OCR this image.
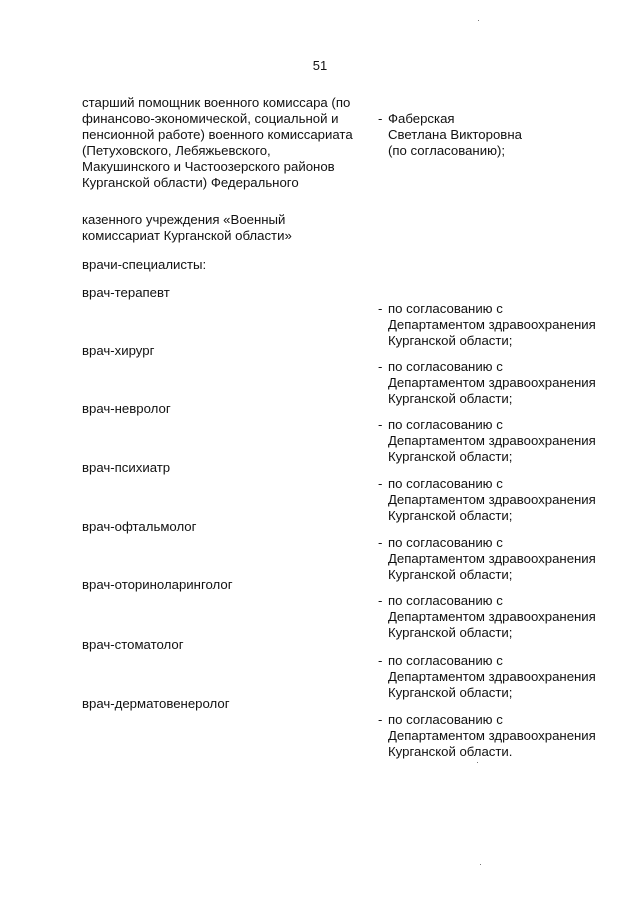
51
старший помощник военного комиссара (по
финансово-экономической, социальной и
пенсионной работе) военного комиссариата
(Петуховского, Лебяжьевского,
Макушинского и Частоозерского районов
Курганской области) Федерального

- Фаберская
Светлана Викторовна
(по согласованию);

казенного учреждения «Военный
комиссариат Курганской области»
врачи-специалисты:
врач-терапевт

- по согласованию с
Департаментом здравоохранения
Курганской области;

врач-хирург

- по согласованию с
Департаментом здравоохранения
Курганской области;

врач-невролог

- по согласованию с
Департаментом здравоохранения
Курганской области;

врач-психиатр

- по согласованию с
Департаментом здравоохранения
Курганской области;

врач-офтальмолог

- по согласованию с
Департаментом здравоохранения
Курганской области;

врач-оториноларинголог

- по согласованию с
Департаментом здравоохранения
Курганской области;

врач-стоматолог

- по согласованию с
Департаментом здравоохранения
Курганской области;

врач-дерматовенеролог

- по согласованию с
Департаментом здравоохранения
Курганской области.
